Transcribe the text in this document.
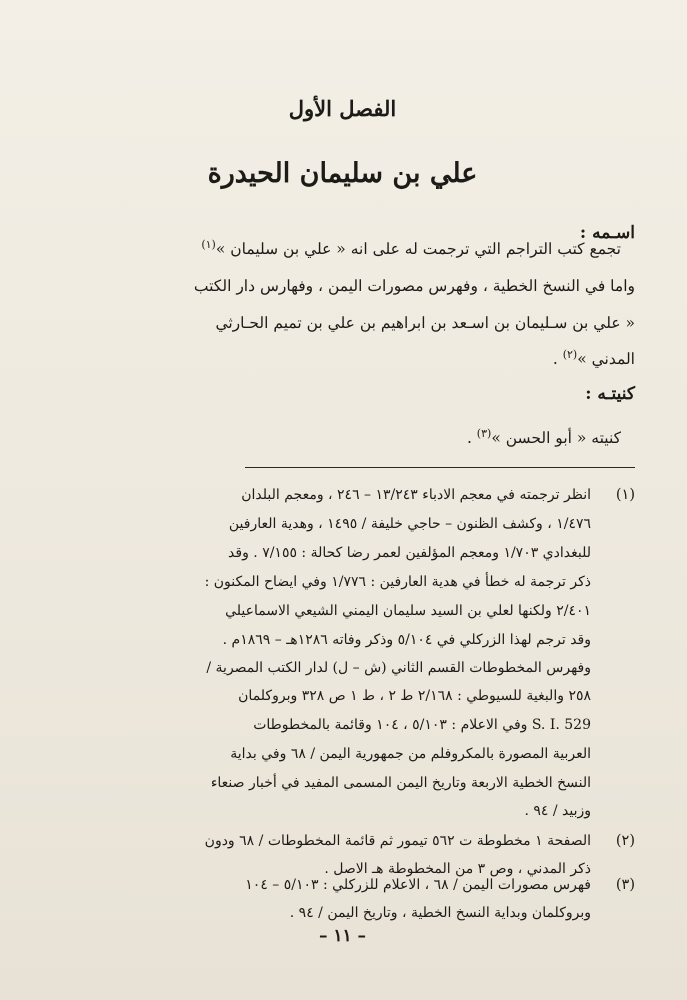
الفصل الأول
علي بن سليمان الحيدرة
اسـمه :
تجمع كتب التراجم التي ترجمت له على انه « علي بن سليمان »$^{(١)}$
واما في النسخ الخطية ، وفهرس مصورات اليمن ، وفهارس دار الكتب
« علي بن سـليمان بن اسـعد بن ابراهيم بن علي بن تميم الحـارثي
المدني »$^{(٢)}$ .
كنيتـه :
كنيته « أبو الحسن »$^{(٣)}$ .
(١)
انظر ترجمته في معجم الادباء ١٣/٢٤٣ – ٢٤٦ ، ومعجم البلدان
١/٤٧٦ ، وكشف الظنون – حاجي خليفة / ١٤٩٥ ، وهدية العارفين
للبغدادي ١/٧٠٣ ومعجم المؤلفين لعمر رضا كحالة : ٧/١٥٥ . وقد
ذكر ترجمة له خطأ في هدية العارفين : ١/٧٧٦ وفي ايضاح المكنون :
٢/٤٠١ ولكنها لعلي بن السيد سليمان اليمني الشيعي الاسماعيلي
وقد ترجم لهذا الزركلي في ٥/١٠٤ وذكر وفاته ١٢٨٦هـ – ١٨٦٩م .
وفهرس المخطوطات القسم الثاني (ش – ل) لدار الكتب المصرية /
٢٥٨ والبغية للسيوطي : ٢/١٦٨ ط ٢ ، ط ١ ص ٣٢٨ وبروكلمان
S. I. 529 وفي الاعلام : ٥/١٠٣ ، ١٠٤ وقائمة بالمخطوطات
العربية المصورة بالمكروفلم من جمهورية اليمن / ٦٨ وفي بداية
النسخ الخطية الاربعة وتاريخ اليمن المسمى المفيد في أخبار صنعاء
وزبيد / ٩٤ .
(٢)
الصفحة ١ مخطوطة ت ٥٦٢ تيمور ثم قائمة المخطوطات / ٦٨ ودون
ذكر المدني ، وص ٣ من المخطوطة هـ الاصل .
(٣)
فهرس مصورات اليمن / ٦٨ ، الاعلام للزركلي : ٥/١٠٣ – ١٠٤
وبروكلمان وبداية النسخ الخطية ، وتاريخ اليمن / ٩٤ .
– ١١ –
